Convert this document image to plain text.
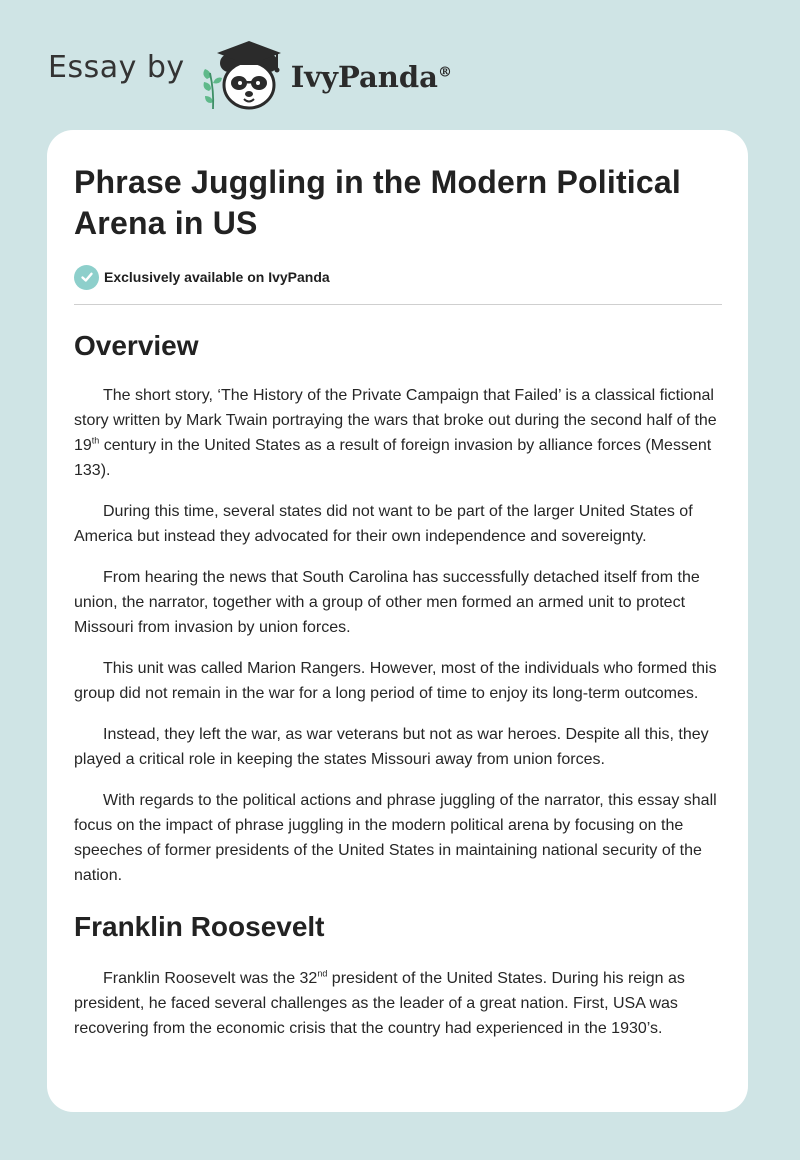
Essay by	IvyPanda®
Phrase Juggling in the Modern Political Arena in US
Exclusively available on IvyPanda
Overview

The short story, ‘The History of the Private Campaign that Failed’ is a classical fictional story written by Mark Twain portraying the wars that broke out during the second half of the 19th century in the United States as a result of foreign invasion by alliance forces (Messent 133).

During this time, several states did not want to be part of the larger United States of America but instead they advocated for their own independence and sovereignty.

From hearing the news that South Carolina has successfully detached itself from the union, the narrator, together with a group of other men formed an armed unit to protect Missouri from invasion by union forces.

This unit was called Marion Rangers. However, most of the individuals who formed this group did not remain in the war for a long period of time to enjoy its long-term outcomes.

Instead, they left the war, as war veterans but not as war heroes. Despite all this, they played a critical role in keeping the states Missouri away from union forces.

With regards to the political actions and phrase juggling of the narrator, this essay shall focus on the impact of phrase juggling in the modern political arena by focusing on the speeches of former presidents of the United States in maintaining national security of the nation.

Franklin Roosevelt

Franklin Roosevelt was the 32nd president of the United States. During his reign as president, he faced several challenges as the leader of a great nation. First, USA was recovering from the economic crisis that the country had experienced in the 1930’s.
